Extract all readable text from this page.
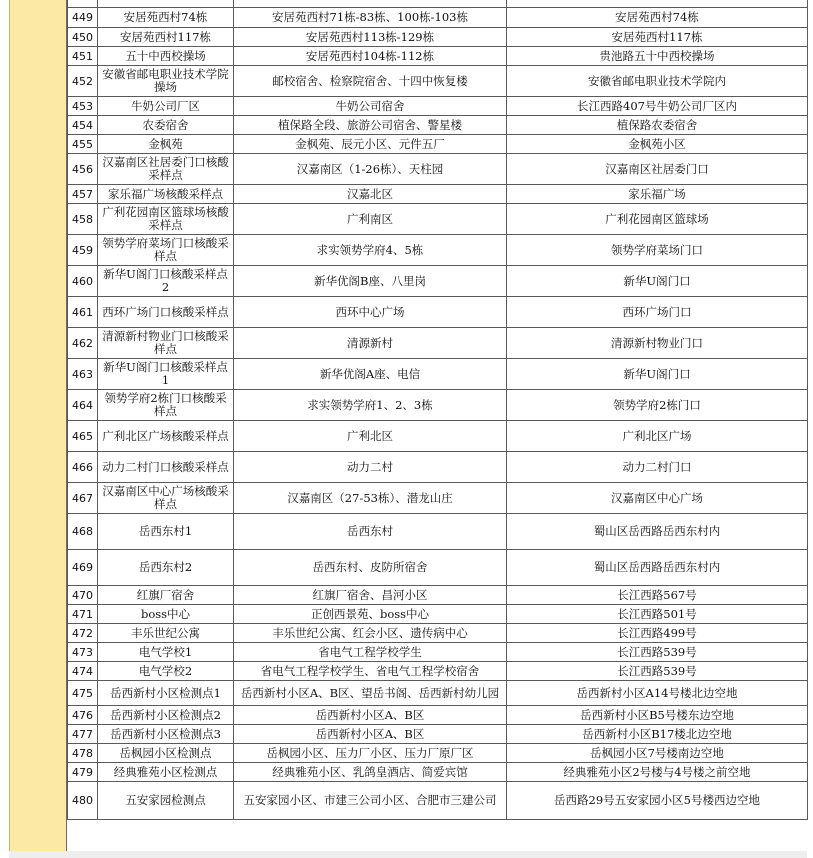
449	安居苑西村74栋	安居苑西村71栋-83栋、100栋-103栋	安居苑西村74栋
450	安居苑西村117栋	安居苑西村113栋-129栋	安居苑西村117栋
451	五十中西校操场	安居苑西村104栋-112栋	贵池路五十中西校操场
452	安徽省邮电职业技术学院操场	邮校宿舍、检察院宿舍、十四中恢复楼	安徽省邮电职业技术学院内
453	牛奶公司厂区	牛奶公司宿舍	长江西路407号牛奶公司厂区内
454	农委宿舍	植保路全段、旅游公司宿舍、警星楼	植保路农委宿舍
455	金枫苑	金枫苑、辰元小区、元件五厂	金枫苑小区
456	汉嘉南区社居委门口核酸采样点	汉嘉南区（1-26栋）、天柱园	汉嘉南区社居委门口
457	家乐福广场核酸采样点	汉嘉北区	家乐福广场
458	广利花园南区篮球场核酸采样点	广利南区	广利花园南区篮球场
459	领势学府菜场门口核酸采样点	求实领势学府4、5栋	领势学府菜场门口
460	新华U阁门口核酸采样点2	新华优阁B座、八里岗	新华U阁门口
461	西环广场门口核酸采样点	西环中心广场	西环广场门口
462	清源新村物业门口核酸采样点	清源新村	清源新村物业门口
463	新华U阁门口核酸采样点1	新华优阁A座、电信	新华U阁门口
464	领势学府2栋门口核酸采样点	求实领势学府1、2、3栋	领势学府2栋门口
465	广利北区广场核酸采样点	广利北区	广利北区广场
466	动力二村门口核酸采样点	动力二村	动力二村门口
467	汉嘉南区中心广场核酸采样点	汉嘉南区（27-53栋）、潜龙山庄	汉嘉南区中心广场
468	岳西东村1	岳西东村	蜀山区岳西路岳西东村内
469	岳西东村2	岳西东村、皮防所宿舍	蜀山区岳西路岳西东村内
470	红旗厂宿舍	红旗厂宿舍、昌河小区	长江西路567号
471	boss中心	正创西景苑、boss中心	长江西路501号
472	丰乐世纪公寓	丰乐世纪公寓、红会小区、遗传病中心	长江西路499号
473	电气学校1	省电气工程学校学生	长江西路539号
474	电气学校2	省电气工程学校学生、省电气工程学校宿舍	长江西路539号
475	岳西新村小区检测点1	岳西新村小区A、B区、望岳书阁、岳西新村幼儿园	岳西新村小区A14号楼北边空地
476	岳西新村小区检测点2	岳西新村小区A、B区	岳西新村小区B5号楼东边空地
477	岳西新村小区检测点3	岳西新村小区A、B区	岳西新村小区B17楼北边空地
478	岳枫园小区检测点	岳枫园小区、压力厂小区、压力厂原厂区	岳枫园小区7号楼南边空地
479	经典雅苑小区检测点	经典雅苑小区、乳鸽皇酒店、简爱宾馆	经典雅苑小区2号楼与4号楼之前空地
480	五安家园检测点	五安家园小区、市建三公司小区、合肥市三建公司	岳西路29号五安家园小区5号楼西边空地
